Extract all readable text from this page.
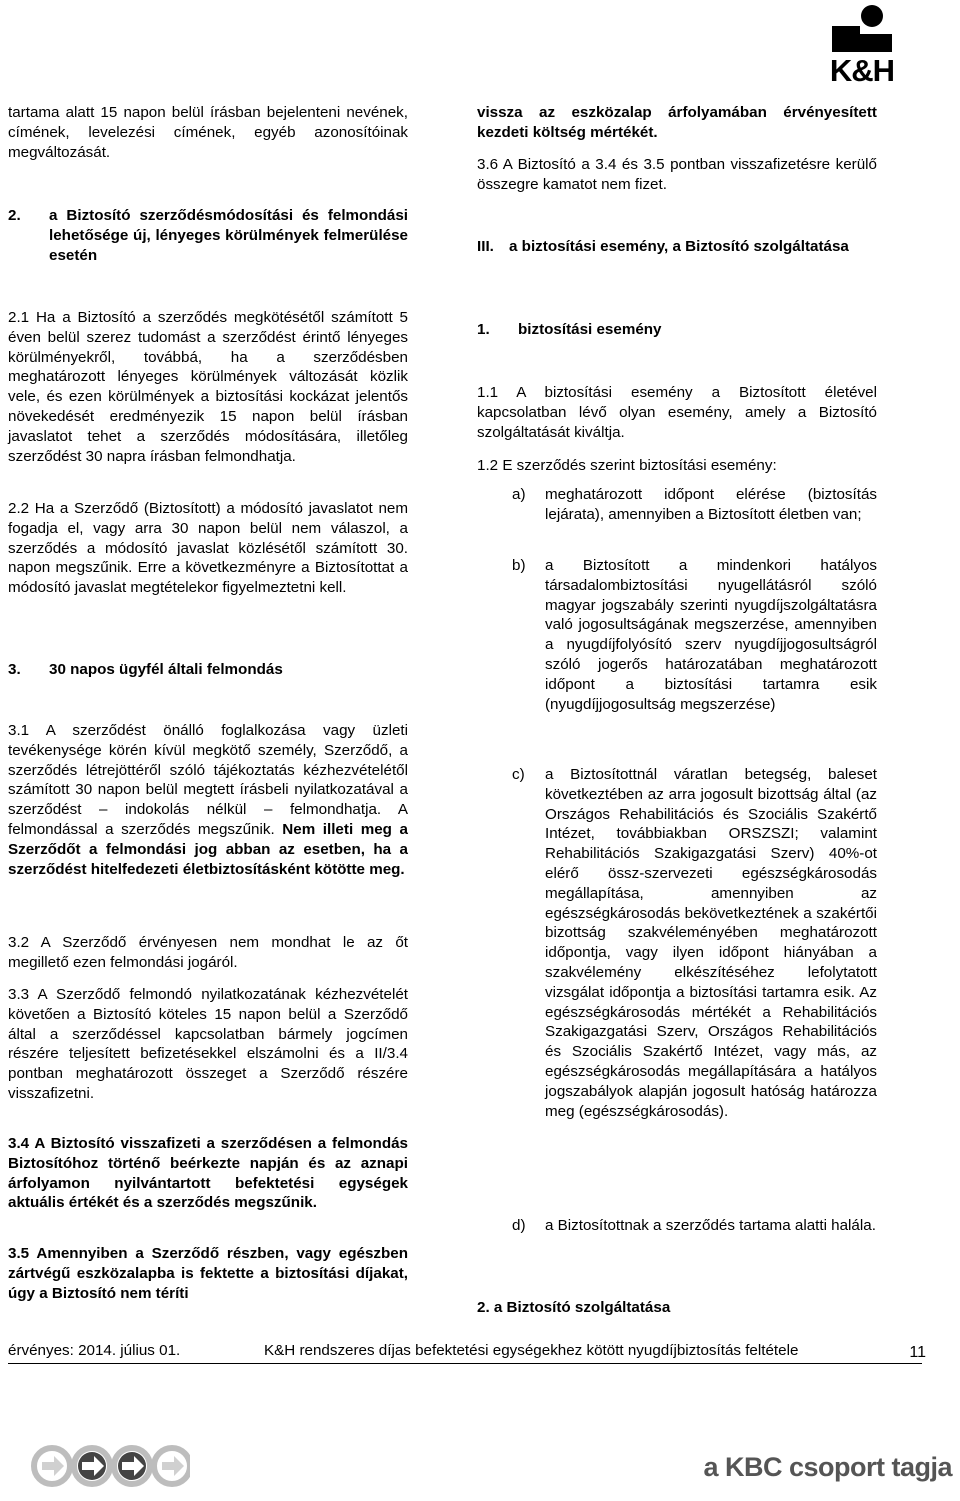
K&H

tartama alatt 15 napon belül írásban bejelenteni nevének, címének, levelezési címének, egyéb azonosítóinak megváltozását.

2.	a Biztosító szerződésmódosítási és felmondási lehetősége új, lényeges körülmények felmerülése esetén

2.1 Ha a Biztosító a szerződés megkötésétől számított 5 éven belül szerez tudomást a szerződést érintő lényeges körülményekről, továbbá, ha a szerződésben meghatározott lényeges körülmények változását közlik vele, és ezen körülmények a biztosítási kockázat jelentős növekedését eredményezik 15 napon belül írásban javaslatot tehet a szerződés módosítására, illetőleg szerződést 30 napra írásban felmondhatja.

2.2 Ha a Szerződő (Biztosított) a módosító javaslatot nem fogadja el, vagy arra 30 napon belül nem válaszol, a szerződés a módosító javaslat közlésétől számított 30. napon megszűnik. Erre a következményre a Biztosítottat a módosító javaslat megtételekor figyelmeztetni kell.

3.	30 napos ügyfél általi felmondás

3.1 A szerződést önálló foglalkozása vagy üzleti tevékenysége körén kívül megkötő személy, Szerződő, a szerződés létrejöttéről szóló tájékoztatás kézhezvételétől számított 30 napon belül megtett írásbeli nyilatkozatával a szerződést – indokolás nélkül – felmondhatja. A felmondással a szerződés megszűnik. Nem illeti meg a Szerződőt a felmondási jog abban az esetben, ha a szerződést hitelfedezeti életbiztosításként kötötte meg.

3.2 A Szerződő érvényesen nem mondhat le az őt megillető ezen felmondási jogáról.

3.3 A Szerződő felmondó nyilatkozatának kézhezvételét követően a Biztosító köteles 15 napon belül a Szerződő által a szerződéssel kapcsolatban bármely jogcímen részére teljesített befizetésekkel elszámolni és a II/3.4 pontban meghatározott összeget a Szerződő részére visszafizetni.

3.4 A Biztosító visszafizeti a szerződésen a felmondás Biztosítóhoz történő beérkezte napján és az aznapi árfolyamon nyilvántartott befektetési egységek aktuális értékét és a szerződés megszűnik.

3.5 Amennyiben a Szerződő részben, vagy egészben zártvégű eszközalapba is fektette a biztosítási díjakat, úgy a Biztosító nem téríti

vissza az eszközalap árfolyamában érvényesített kezdeti költség mértékét.

3.6 A Biztosító a 3.4 és 3.5 pontban visszafizetésre kerülő összegre kamatot nem fizet.

III. a biztosítási esemény, a Biztosító szolgáltatása
1.	biztosítási esemény

1.1 A biztosítási esemény a Biztosított életével kapcsolatban lévő olyan esemény, amely a Biztosító szolgáltatását kiváltja.

1.2 E szerződés szerint biztosítási esemény:

a)	meghatározott időpont elérése (biztosítás lejárata), amennyiben a Biztosított életben van;
b)	a Biztosított a mindenkori hatályos társadalombiztosítási nyugellátásról szóló magyar jogszabály szerinti nyugdíjszolgáltatásra való jogosultságának megszerzése, amennyiben a nyugdíjfolyósító szerv nyugdíjjogosultságról szóló jogerős határozatában meghatározott időpont a biztosítási tartamra esik (nyugdíjjogosultság megszerzése)
c)	a Biztosítottnál váratlan betegség, baleset következtében az arra jogosult bizottság által (az Országos Rehabilitációs és Szociális Szakértő Intézet, továbbiakban ORSZSZI; valamint Rehabilitációs Szakigazgatási Szerv) 40%-ot elérő össz-szervezeti egészségkárosodás megállapítása, amennyiben az egészségkárosodás bekövetkeztének a szakértői bizottság szakvéleményében meghatározott időpontja, vagy ilyen időpont hiányában a szakvélemény elkészítéséhez lefolytatott vizsgálat időpontja a biztosítási tartamra esik. Az egészségkárosodás mértékét a Rehabilitációs Szakigazgatási Szerv, Országos Rehabilitációs és Szociális Szakértő Intézet, vagy más, az egészségkárosodás megállapítására a hatályos jogszabályok alapján jogosult hatóság határozza meg (egészségkárosodás).
d)	a Biztosítottnak a szerződés tartama alatti halála.

2. a Biztosító szolgáltatása

érvényes: 2014. július 01.	K&H rendszeres díjas befektetési egységekhez kötött nyugdíjbiztosítás feltétele	11
a KBC csoport tagja
